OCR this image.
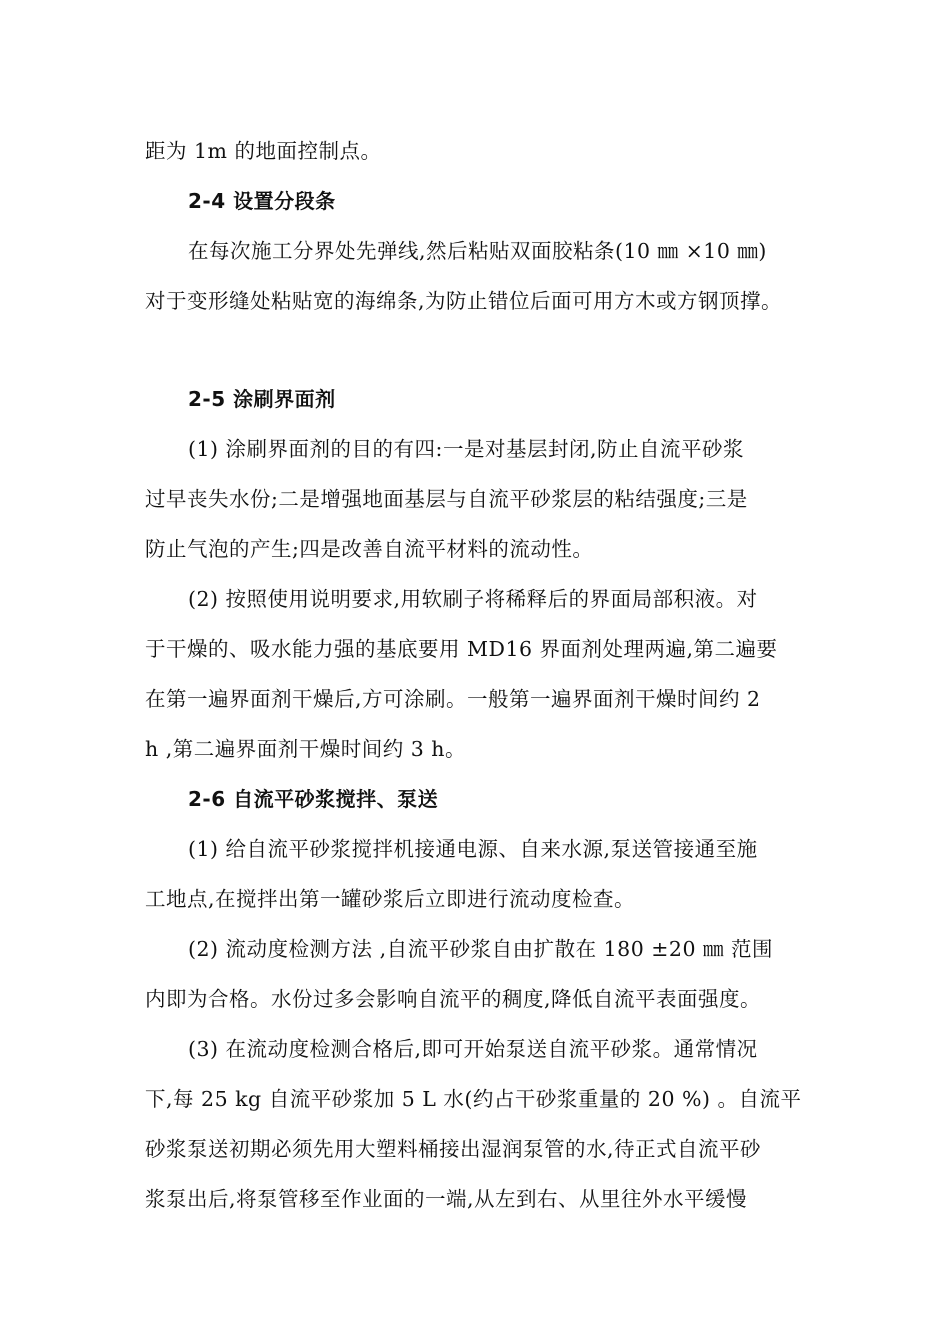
距为 1m 的地面控制点。
2-4 设置分段条
在每次施工分界处先弹线,然后粘贴双面胶粘条(10 ㎜ ×10 ㎜)
对于变形缝处粘贴宽的海绵条,为防止错位后面可用方木或方钢顶撑。
2-5 涂刷界面剂
(1) 涂刷界面剂的目的有四:一是对基层封闭,防止自流平砂浆
过早丧失水份;二是增强地面基层与自流平砂浆层的粘结强度;三是
防止气泡的产生;四是改善自流平材料的流动性。
(2) 按照使用说明要求,用软刷子将稀释后的界面局部积液。对
于干燥的、吸水能力强的基底要用 MD16 界面剂处理两遍,第二遍要
在第一遍界面剂干燥后,方可涂刷。一般第一遍界面剂干燥时间约 2
h ,第二遍界面剂干燥时间约 3 h。
2-6 自流平砂浆搅拌、泵送
(1) 给自流平砂浆搅拌机接通电源、自来水源,泵送管接通至施
工地点,在搅拌出第一罐砂浆后立即进行流动度检查。
(2) 流动度检测方法 ,自流平砂浆自由扩散在 180 ±20 ㎜ 范围
内即为合格。水份过多会影响自流平的稠度,降低自流平表面强度。
(3) 在流动度检测合格后,即可开始泵送自流平砂浆。通常情况
下,每 25 kg 自流平砂浆加 5 L 水(约占干砂浆重量的 20 %) 。自流平
砂浆泵送初期必须先用大塑料桶接出湿润泵管的水,待正式自流平砂
浆泵出后,将泵管移至作业面的一端,从左到右、从里往外水平缓慢
